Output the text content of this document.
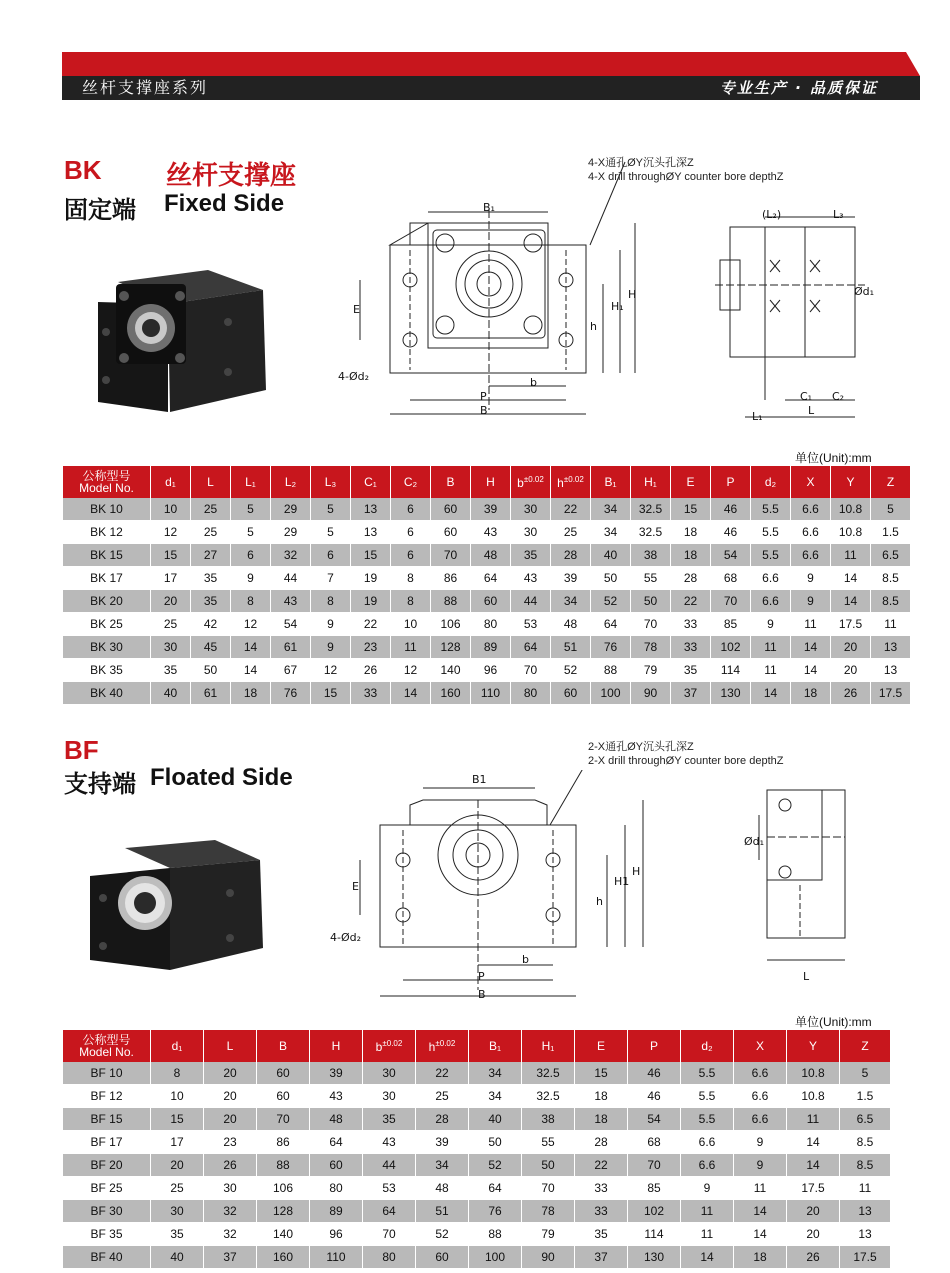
丝杆支撑座系列	专业生产 · 品质保证
BK 丝杆支撑座
固定端 Fixed Side	B₁
E
4-Ød₂
h
H₁
H
b
P
B
4-X通孔ØY沉头孔深Z
4-X drill throughØY counter bore depthZ
(L₂)	L₃
Ød₁
C₁ C₂
L
L₁
单位(Unit):mm
公称型号
Model No.	d₁	L	L₁	L₂	L₃	C₁	C₂	B	H	$b^{\pm 0.02}$	$h^{\pm 0.02}$	B₁	H₁	E	P	d₂	X	Y	Z
BK 10	10	25	5	29	5	13	6	60	39	30	22	34	32.5	15	46	5.5	6.6	10.8	5
BK 12	12	25	5	29	5	13	6	60	43	30	25	34	32.5	18	46	5.5	6.6	10.8	1.5
BK 15	15	27	6	32	6	15	6	70	48	35	28	40	38	18	54	5.5	6.6	11	6.5
BK 17	17	35	9	44	7	19	8	86	64	43	39	50	55	28	68	6.6	9	14	8.5
BK 20	20	35	8	43	8	19	8	88	60	44	34	52	50	22	70	6.6	9	14	8.5
BK 25	25	42	12	54	9	22	10	106	80	53	48	64	70	33	85	9	11	17.5	11
BK 30	30	45	14	61	9	23	11	128	89	64	51	76	78	33	102	11	14	20	13
BK 35	35	50	14	67	12	26	12	140	96	70	52	88	79	35	114	11	14	20	13
BK 40	40	61	18	76	15	33	14	160	110	80	60	100	90	37	130	14	18	26	17.5
BF
支持端 Floated Side	B1
E
4-Ød₂
h
H1
H
b
P
B
2-X通孔ØY沉头孔深Z
2-X drill throughØY counter bore depthZ
Ød₁
L
单位(Unit):mm
公称型号
Model No.	d₁	L	B	H	$b^{\pm 0.02}$	$h^{\pm 0.02}$	B₁	H₁	E	P	d₂	X	Y	Z
BF 10	8	20	60	39	30	22	34	32.5	15	46	5.5	6.6	10.8	5
BF 12	10	20	60	43	30	25	34	32.5	18	46	5.5	6.6	10.8	1.5
BF 15	15	20	70	48	35	28	40	38	18	54	5.5	6.6	11	6.5
BF 17	17	23	86	64	43	39	50	55	28	68	6.6	9	14	8.5
BF 20	20	26	88	60	44	34	52	50	22	70	6.6	9	14	8.5
BF 25	25	30	106	80	53	48	64	70	33	85	9	11	17.5	11
BF 30	30	32	128	89	64	51	76	78	33	102	11	14	20	13
BF 35	35	32	140	96	70	52	88	79	35	114	11	14	20	13
BF 40	40	37	160	110	80	60	100	90	37	130	14	18	26	17.5
